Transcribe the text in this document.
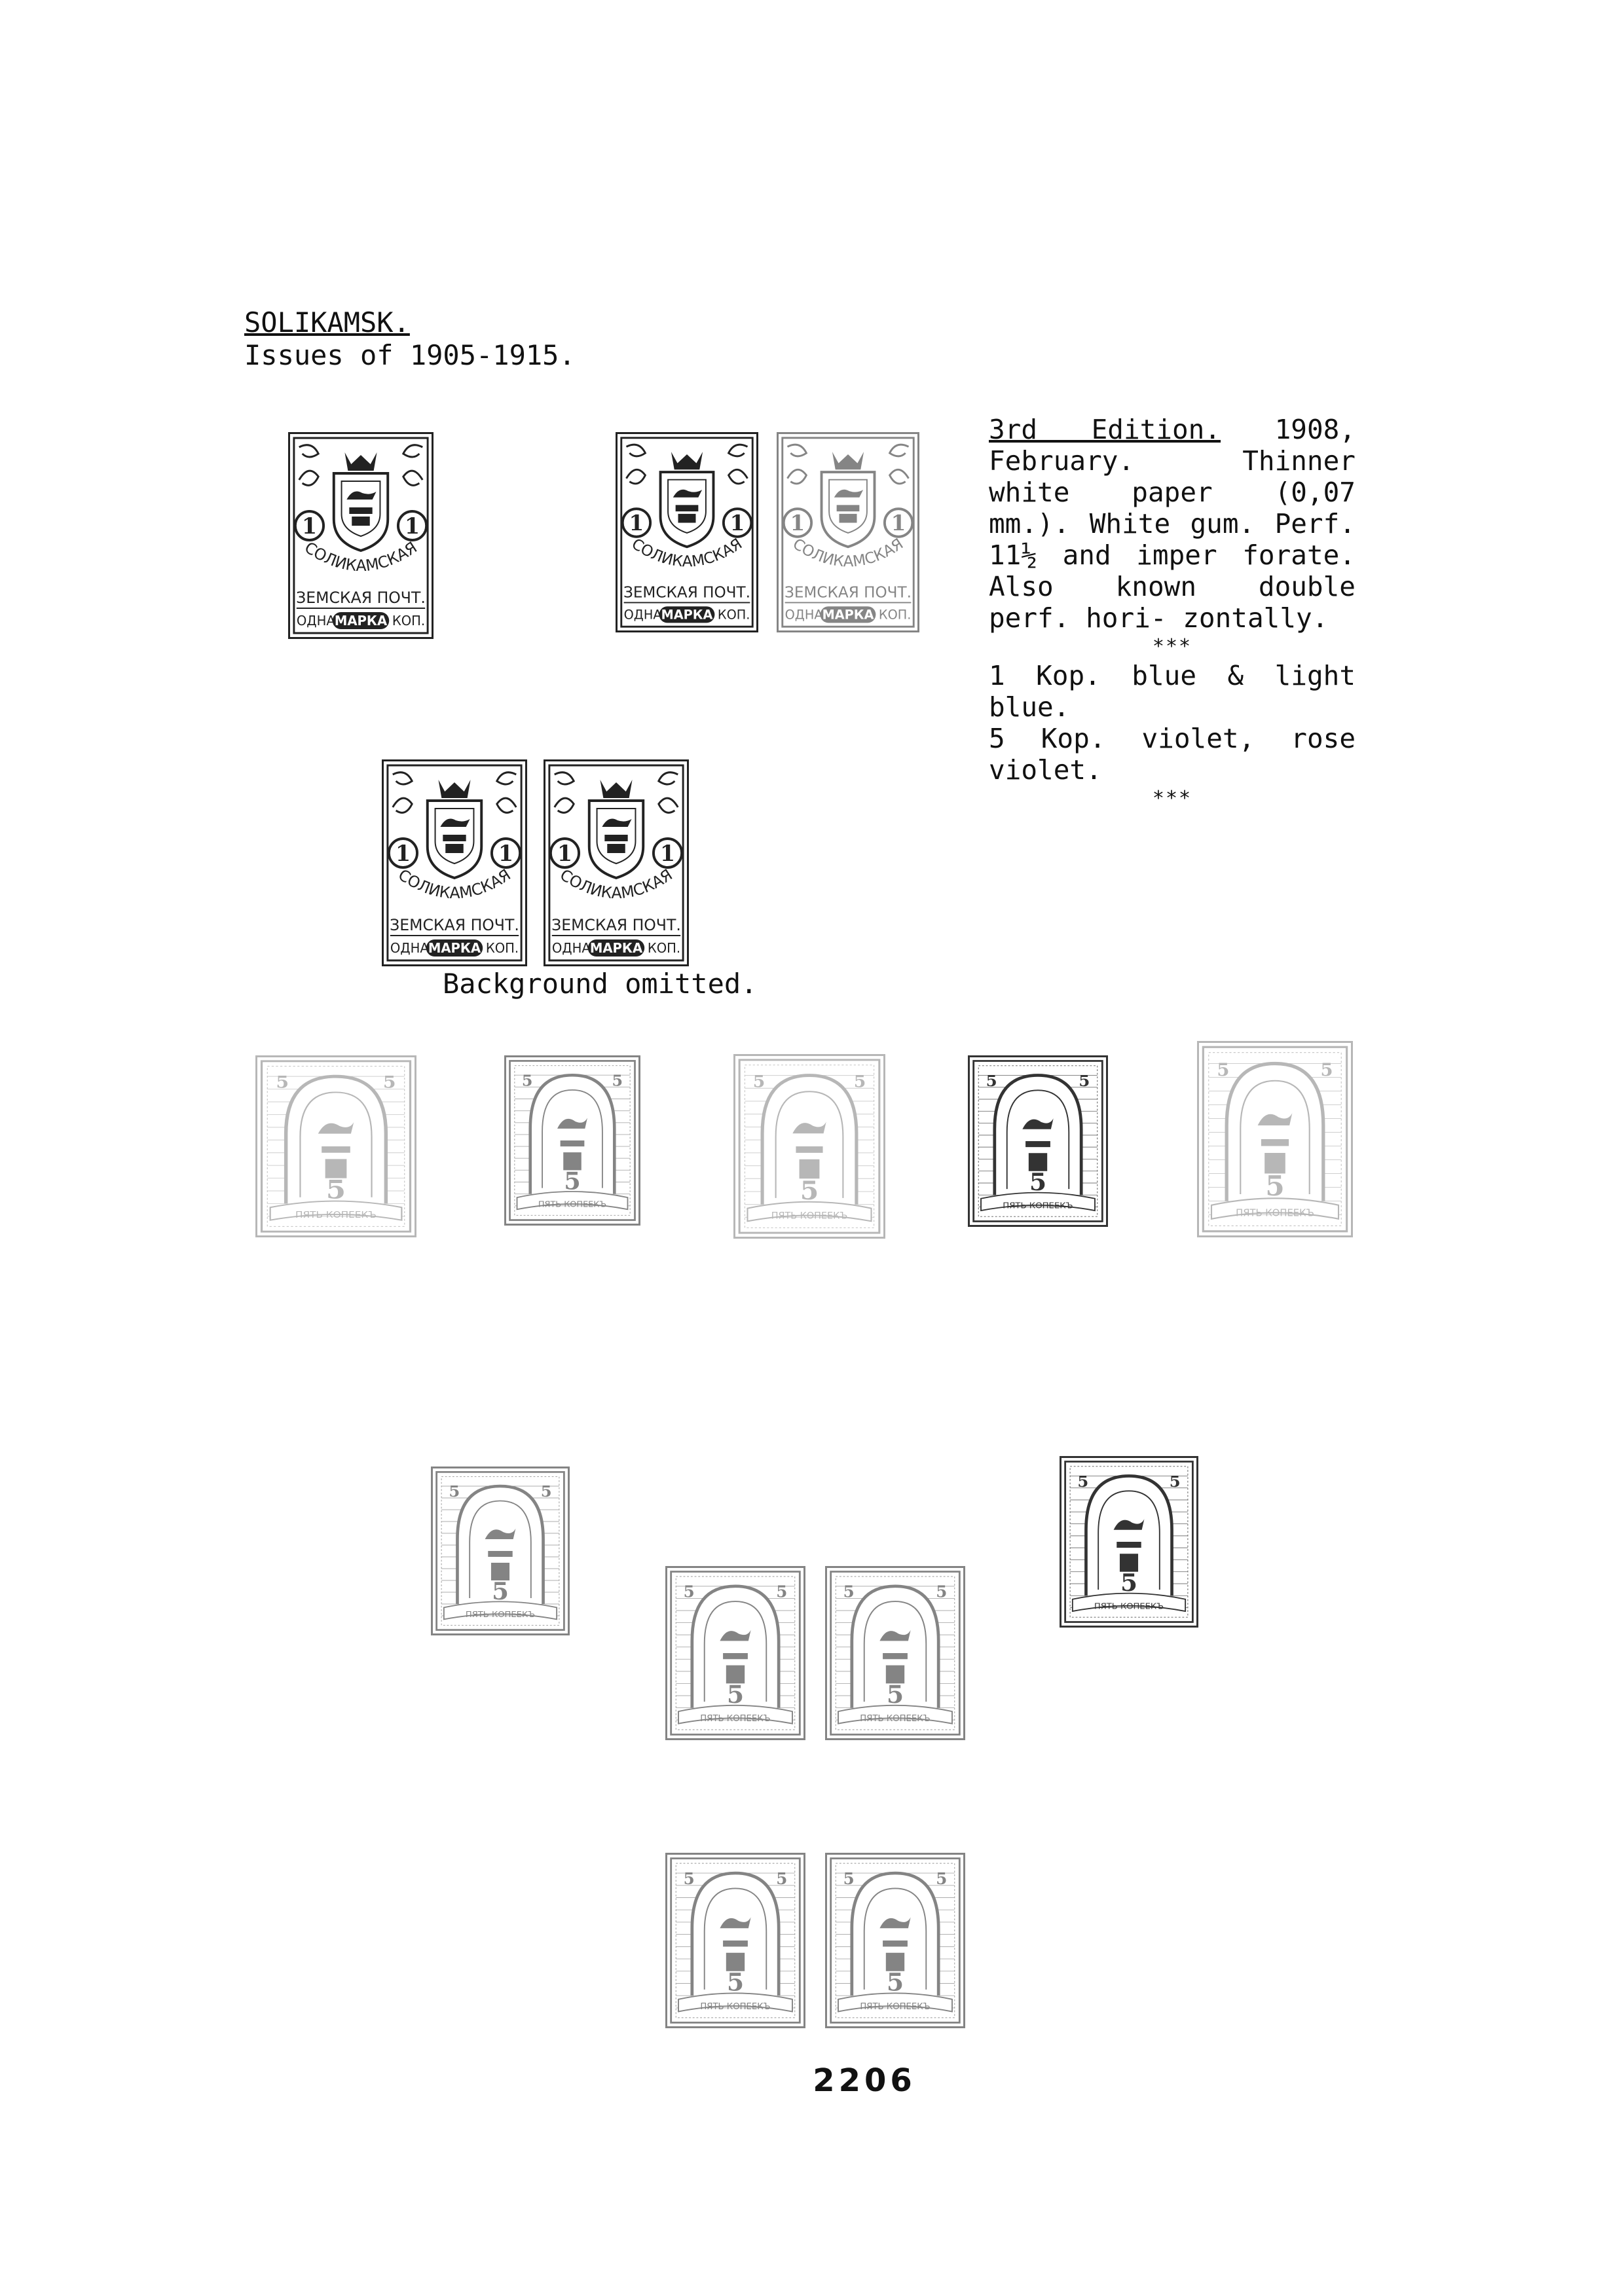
SOLIKAMSK.
Issues of 1905-1915.

3rd Edition. 1908, February. Thinner white paper (0,07 mm.). White gum. Perf. 11½ and imper forate. Also known double perf. hori- zontally.

***

1 Kop. blue & light blue.

5 Kop. violet, rose violet.

***
Background omitted.
2206
